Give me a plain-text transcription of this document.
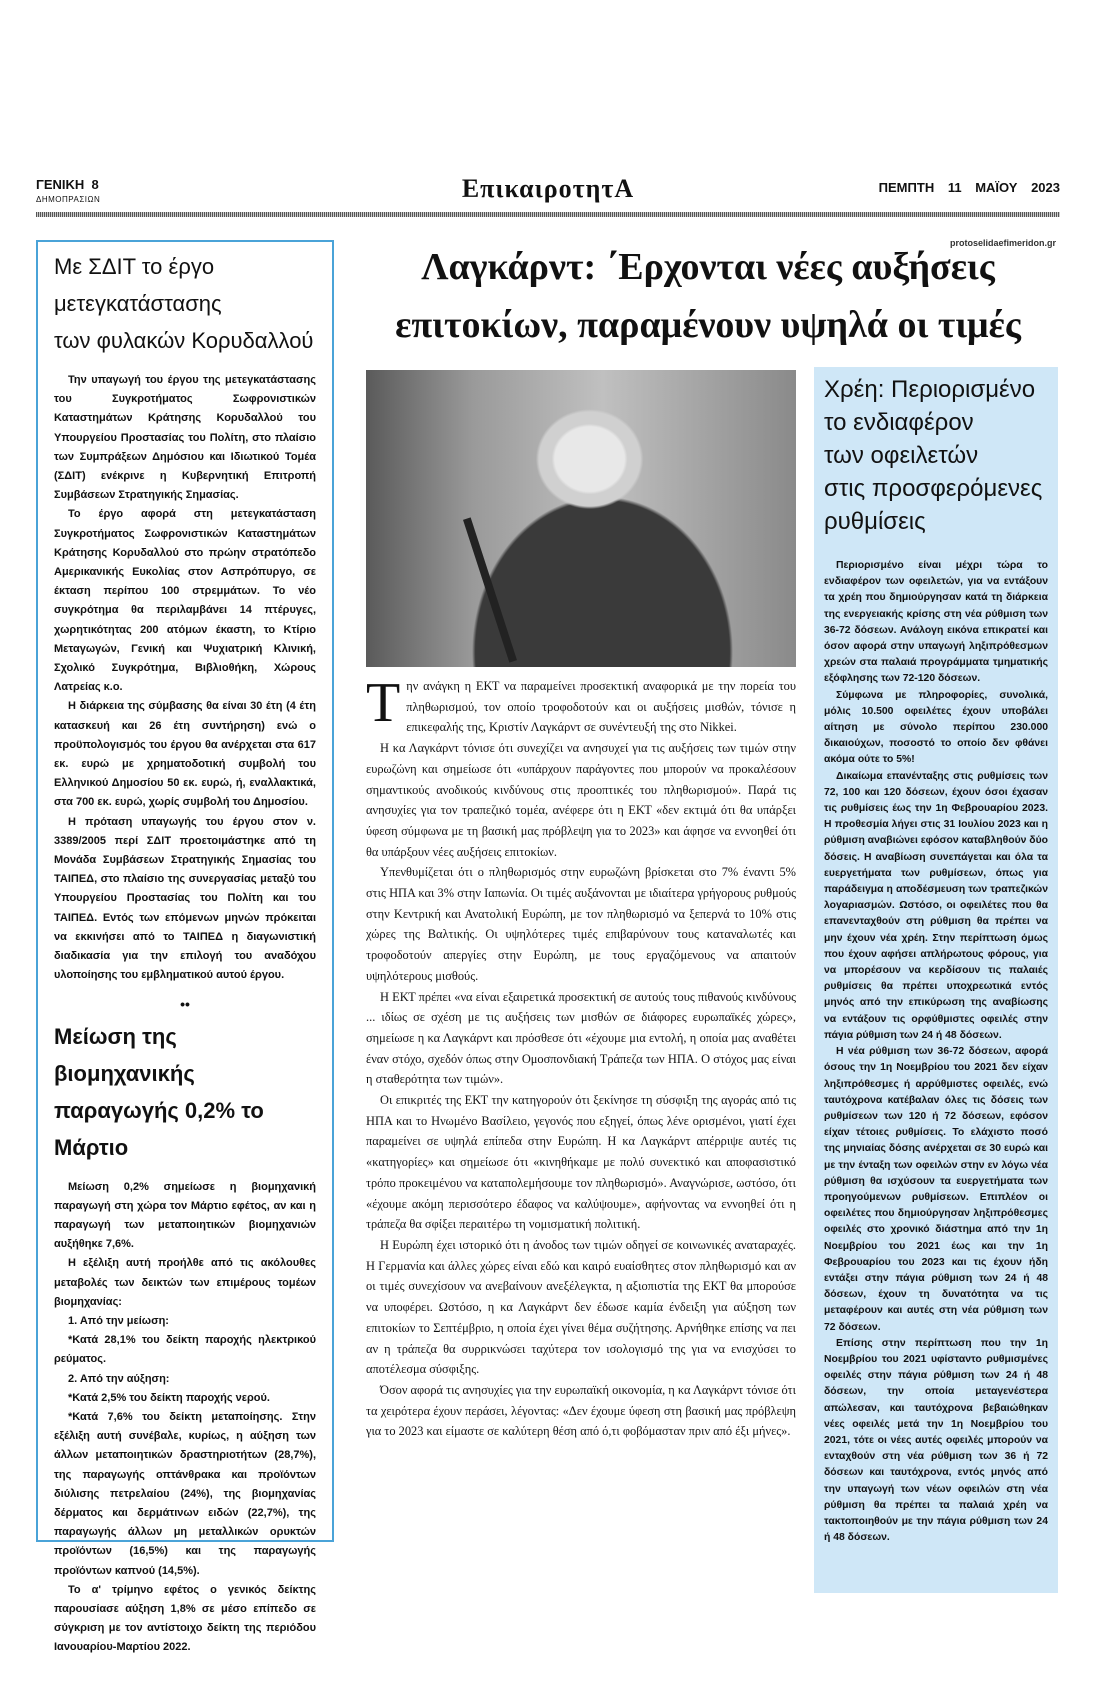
ΓΕΝΙΚΗ 8
ΔΗΜΟΠΡΑΣΙΩΝ	ΕπικαιροτητΑ	ΠΕΜΠΤΗ 11 ΜΑΪΟΥ 2023
Με ΣΔΙΤ το έργο
μετεγκατάστασης
των φυλακών Κορυδαλλού

Την υπαγωγή του έργου της μετεγκατάστασης του Συγκροτήματος Σωφρονιστικών Καταστημάτων Κράτησης Κορυδαλλού του Υπουργείου Προστασίας του Πολίτη, στο πλαίσιο των Συμπράξεων Δημόσιου και Ιδιωτικού Τομέα (ΣΔΙΤ) ενέκρινε η Κυβερνητική Επιτροπή Συμβάσεων Στρατηγικής Σημασίας.

Το έργο αφορά στη μετεγκατάσταση Συγκροτήματος Σωφρονιστικών Καταστημάτων Κράτησης Κορυδαλλού στο πρώην στρατόπεδο Αμερικανικής Ευκολίας στον Ασπρόπυργο, σε έκταση περίπου 100 στρεμμάτων. Το νέο συγκρότημα θα περιλαμβάνει 14 πτέρυγες, χωρητικότητας 200 ατόμων έκαστη, το Κτίριο Μεταγωγών, Γενική και Ψυχιατρική Κλινική, Σχολικό Συγκρότημα, Βιβλιοθήκη, Χώρους Λατρείας κ.ο.

Η διάρκεια της σύμβασης θα είναι 30 έτη (4 έτη κατασκευή και 26 έτη συντήρηση) ενώ ο προϋπολογισμός του έργου θα ανέρχεται στα 617 εκ. ευρώ με χρηματοδοτική συμβολή του Ελληνικού Δημοσίου 50 εκ. ευρώ, ή, εναλλακτικά, στα 700 εκ. ευρώ, χωρίς συμβολή του Δημοσίου.

Η πρόταση υπαγωγής του έργου στον ν. 3389/2005 περί ΣΔΙΤ προετοιμάστηκε από τη Μονάδα Συμβάσεων Στρατηγικής Σημασίας του ΤΑΙΠΕΔ, στο πλαίσιο της συνεργασίας μεταξύ του Υπουργείου Προστασίας του Πολίτη και του ΤΑΙΠΕΔ. Εντός των επόμενων μηνών πρόκειται να εκκινήσει από το ΤΑΙΠΕΔ η διαγωνιστική διαδικασία για την επιλογή του αναδόχου υλοποίησης του εμβληματικού αυτού έργου.

••
Μείωση της βιομηχανικής
παραγωγής 0,2% το Μάρτιο

Μείωση 0,2% σημείωσε η βιομηχανική παραγωγή στη χώρα τον Μάρτιο εφέτος, αν και η παραγωγή των μεταποιητικών βιομηχανιών αυξήθηκε 7,6%.

Η εξέλιξη αυτή προήλθε από τις ακόλουθες μεταβολές των δεικτών των επιμέρους τομέων βιομηχανίας:

1. Από την μείωση:

*Κατά 28,1% του δείκτη παροχής ηλεκτρικού ρεύματος.

2. Από την αύξηση:

*Κατά 2,5% του δείκτη παροχής νερού.

*Κατά 7,6% του δείκτη μεταποίησης. Στην εξέλιξη αυτή συνέβαλε, κυρίως, η αύξηση των άλλων μεταποιητικών δραστηριοτήτων (28,7%), της παραγωγής οπτάνθρακα και προϊόντων διύλισης πετρελαίου (24%), της βιομηχανίας δέρματος και δερμάτινων ειδών (22,7%), της παραγωγής άλλων μη μεταλλικών ορυκτών προϊόντων (16,5%) και της παραγωγής προϊόντων καπνού (14,5%).

Το α' τρίμηνο εφέτος ο γενικός δείκτης παρουσίασε αύξηση 1,8% σε μέσο επίπεδο σε σύγκριση με τον αντίστοιχο δείκτη της περιόδου Ιανουαρίου-Μαρτίου 2022.

protoselidaefimeridon.gr
Λαγκάρντ: ΄Ερχονται νέες αυξήσεις
επιτοκίων, παραμένουν υψηλά οι τιμές

Την ανάγκη η ΕΚΤ να παραμείνει προσεκτική αναφορικά με την πορεία του πληθωρισμού, τον οποίο τροφοδοτούν και οι αυξήσεις μισθών, τόνισε η επικεφαλής της, Κριστίν Λαγκάρντ σε συνέντευξή της στο Nikkei.

Η κα Λαγκάρντ τόνισε ότι συνεχίζει να ανησυχεί για τις αυξήσεις των τιμών στην ευρωζώνη και σημείωσε ότι «υπάρχουν παράγοντες που μπορούν να προκαλέσουν σημαντικούς ανοδικούς κινδύνους στις προοπτικές του πληθωρισμού». Παρά τις ανησυχίες για τον τραπεζικό τομέα, ανέφερε ότι η ΕΚΤ «δεν εκτιμά ότι θα υπάρξει ύφεση σύμφωνα με τη βασική μας πρόβλεψη για το 2023» και άφησε να εννοηθεί ότι θα υπάρξουν νέες αυξήσεις επιτοκίων.

Υπενθυμίζεται ότι ο πληθωρισμός στην ευρωζώνη βρίσκεται στο 7% έναντι 5% στις ΗΠΑ και 3% στην Ιαπωνία. Οι τιμές αυξάνονται με ιδιαίτερα γρήγορους ρυθμούς στην Κεντρική και Ανατολική Ευρώπη, με τον πληθωρισμό να ξεπερνά το 10% στις χώρες της Βαλτικής. Οι υψηλότερες τιμές επιβαρύνουν τους καταναλωτές και τροφοδοτούν απεργίες στην Ευρώπη, με τους εργαζόμενους να απαιτούν υψηλότερους μισθούς.

Η ΕΚΤ πρέπει «να είναι εξαιρετικά προσεκτική σε αυτούς τους πιθανούς κινδύνους ... ιδίως σε σχέση με τις αυξήσεις των μισθών σε διάφορες ευρωπαϊκές χώρες», σημείωσε η κα Λαγκάρντ και πρόσθεσε ότι «έχουμε μια εντολή, η οποία μας αναθέτει έναν στόχο, σχεδόν όπως στην Ομοσπονδιακή Τράπεζα των ΗΠΑ. Ο στόχος μας είναι η σταθερότητα των τιμών».

Οι επικριτές της ΕΚΤ την κατηγορούν ότι ξεκίνησε τη σύσφιξη της αγοράς από τις ΗΠΑ και το Ηνωμένο Βασίλειο, γεγονός που εξηγεί, όπως λένε ορισμένοι, γιατί έχει παραμείνει σε υψηλά επίπεδα στην Ευρώπη. Η κα Λαγκάρντ απέρριψε αυτές τις «κατηγορίες» και σημείωσε ότι «κινηθήκαμε με πολύ συνεκτικό και αποφασιστικό τρόπο προκειμένου να καταπολεμήσουμε τον πληθωρισμό». Αναγνώρισε, ωστόσο, ότι «έχουμε ακόμη περισσότερο έδαφος να καλύψουμε», αφήνοντας να εννοηθεί ότι η τράπεζα θα σφίξει περαιτέρω τη νομισματική πολιτική.

Η Ευρώπη έχει ιστορικό ότι η άνοδος των τιμών οδηγεί σε κοινωνικές αναταραχές. Η Γερμανία και άλλες χώρες είναι εδώ και καιρό ευαίσθητες στον πληθωρισμό και αν οι τιμές συνεχίσουν να ανεβαίνουν ανεξέλεγκτα, η αξιοπιστία της ΕΚΤ θα μπορούσε να υποφέρει. Ωστόσο, η κα Λαγκάρντ δεν έδωσε καμία ένδειξη για αύξηση των επιτοκίων το Σεπτέμβριο, η οποία έχει γίνει θέμα συζήτησης. Αρνήθηκε επίσης να πει αν η τράπεζα θα συρρικνώσει ταχύτερα τον ισολογισμό της για να ενισχύσει το αποτέλεσμα σύσφιξης.

Όσον αφορά τις ανησυχίες για την ευρωπαϊκή οικονομία, η κα Λαγκάρντ τόνισε ότι τα χειρότερα έχουν περάσει, λέγοντας: «Δεν έχουμε ύφεση στη βασική μας πρόβλεψη για το 2023 και είμαστε σε καλύτερη θέση από ό,τι φοβόμασταν πριν από έξι μήνες».

Χρέη: Περιορισμένο
το ενδιαφέρον
των οφειλετών
στις προσφερόμενες
ρυθμίσεις

Περιορισμένο είναι μέχρι τώρα το ενδιαφέρον των οφειλετών, για να εντάξουν τα χρέη που δημιούργησαν κατά τη διάρκεια της ενεργειακής κρίσης στη νέα ρύθμιση των 36-72 δόσεων. Ανάλογη εικόνα επικρατεί και όσον αφορά στην υπαγωγή ληξιπρόθεσμων χρεών στα παλαιά προγράμματα τμηματικής εξόφλησης των 72-120 δόσεων.

Σύμφωνα με πληροφορίες, συνολικά, μόλις 10.500 οφειλέτες έχουν υποβάλει αίτηση με σύνολο περίπου 230.000 δικαιούχων, ποσοστό το οποίο δεν φθάνει ακόμα ούτε το 5%!

Δικαίωμα επανένταξης στις ρυθμίσεις των 72, 100 και 120 δόσεων, έχουν όσοι έχασαν τις ρυθμίσεις έως την 1η Φεβρουαρίου 2023. Η προθεσμία λήγει στις 31 Ιουλίου 2023 και η ρύθμιση αναβιώνει εφόσον καταβληθούν δύο δόσεις. Η αναβίωση συνεπάγεται και όλα τα ευεργετήματα των ρυθμίσεων, όπως για παράδειγμα η αποδέσμευση των τραπεζικών λογαριασμών. Ωστόσο, οι οφειλέτες που θα επανενταχθούν στη ρύθμιση θα πρέπει να μην έχουν νέα χρέη. Στην περίπτωση όμως που έχουν αφήσει απλήρωτους φόρους, για να μπορέσουν να κερδίσουν τις παλαιές ρυθμίσεις θα πρέπει υποχρεωτικά εντός μηνός από την επικύρωση της αναβίωσης να εντάξουν τις ορφύθμιστες οφειλές στην πάγια ρύθμιση των 24 ή 48 δόσεων.

Η νέα ρύθμιση των 36-72 δόσεων, αφορά όσους την 1η Νοεμβρίου του 2021 δεν είχαν ληξιπρόθεσμες ή αρρύθμιστες οφειλές, ενώ ταυτόχρονα κατέβαλαν όλες τις δόσεις των ρυθμίσεων των 120 ή 72 δόσεων, εφόσον είχαν τέτοιες ρυθμίσεις. Το ελάχιστο ποσό της μηνιαίας δόσης ανέρχεται σε 30 ευρώ και με την ένταξη των οφειλών στην εν λόγω νέα ρύθμιση θα ισχύσουν τα ευεργετήματα των προηγούμενων ρυθμίσεων. Επιπλέον οι οφειλέτες που δημιούργησαν ληξιπρόθεσμες οφειλές στο χρονικό διάστημα από την 1η Νοεμβρίου του 2021 έως και την 1η Φεβρουαρίου του 2023 και τις έχουν ήδη εντάξει στην πάγια ρύθμιση των 24 ή 48 δόσεων, έχουν τη δυνατότητα να τις μεταφέρουν και αυτές στη νέα ρύθμιση των 72 δόσεων.

Επίσης στην περίπτωση που την 1η Νοεμβρίου του 2021 υφίσταντο ρυθμισμένες οφειλές στην πάγια ρύθμιση των 24 ή 48 δόσεων, την οποία μεταγενέστερα απώλεσαν, και ταυτόχρονα βεβαιώθηκαν νέες οφειλές μετά την 1η Νοεμβρίου του 2021, τότε οι νέες αυτές οφειλές μπορούν να ενταχθούν στη νέα ρύθμιση των 36 ή 72 δόσεων και ταυτόχρονα, εντός μηνός από την υπαγωγή των νέων οφειλών στη νέα ρύθμιση θα πρέπει τα παλαιά χρέη να τακτοποιηθούν με την πάγια ρύθμιση των 24 ή 48 δόσεων.
